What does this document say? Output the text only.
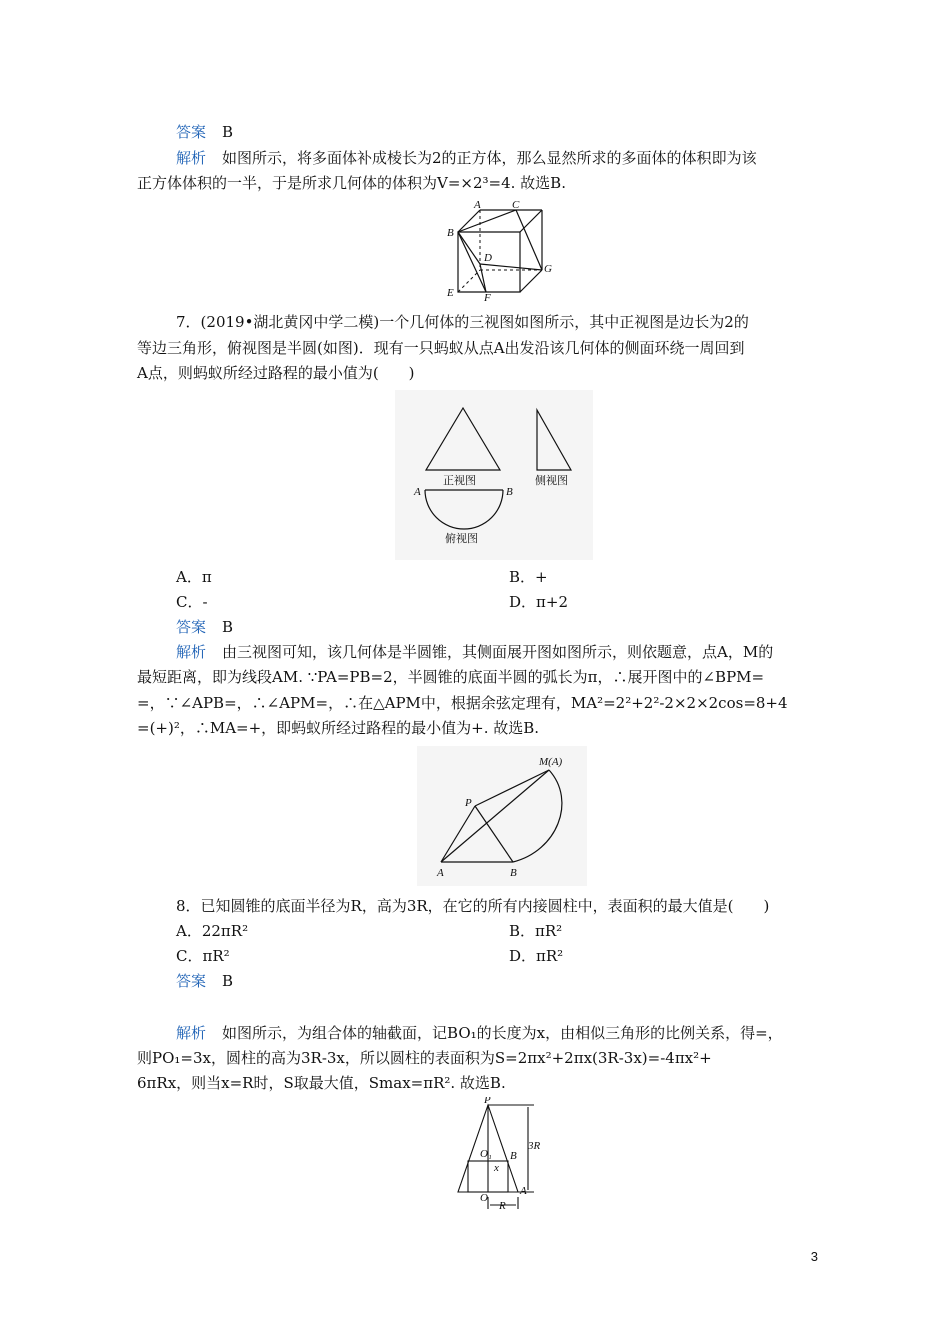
答案 B
解析 如图所示，将多面体补成棱长为2的正方体，那么显然所求的多面体的体积即为该
正方体体积的一半，于是所求几何体的体积为V=×2³=4. 故选B.
A	C
B
D
G
E	F
7．(2019•湖北黄冈中学二模)一个几何体的三视图如图所示，其中正视图是边长为2的
等边三角形，俯视图是半圆(如图)．现有一只蚂蚁从点A出发沿该几何体的侧面环绕一周回到
A点，则蚂蚁所经过路程的最小值为(　　)
正视图	侧视图
A	B
俯视图
A．π	B．+
C．-	D．π+2
答案 B
解析 由三视图可知，该几何体是半圆锥，其侧面展开图如图所示，则依题意，点A，M的
最短距离，即为线段AM. ∵PA=PB=2，半圆锥的底面半圆的弧长为π，∴展开图中的∠BPM=
=，∵∠APB=，∴∠APM=，∴在△APM中，根据余弦定理有，MA²=2²+2²-2×2×2cos=8+4
=(+)²，∴MA=+，即蚂蚁所经过路程的最小值为+. 故选B.
M(A)
P
A	B
8．已知圆锥的底面半径为R，高为3R，在它的所有内接圆柱中，表面积的最大值是(　　)
A．22πR²	B．πR²
C．πR²	D．πR²
答案 B
解析 如图所示，为组合体的轴截面，记BO₁的长度为x，由相似三角形的比例关系，得=，
则PO₁=3x，圆柱的高为3R-3x，所以圆柱的表面积为S=2πx²+2πx(3R-3x)=-4πx²+
6πRx，则当x=R时，S取最大值，Smax=πR². 故选B.
P
O₁ B
x
3R
O
A
R
3
